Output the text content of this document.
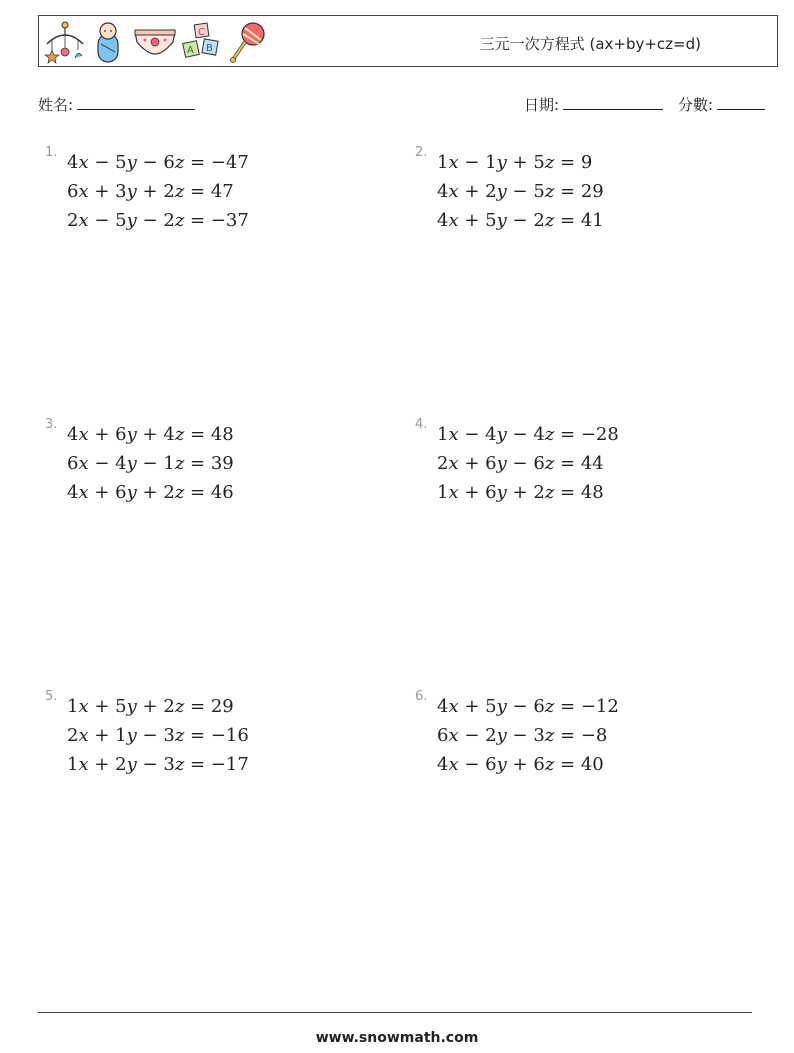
C
A B	三元一次方程式 (ax+by+cz=d)
姓名:	日期:	分數:
1. 4x − 5y − 6z = −47
6x + 3y + 2z = 47
2x − 5y − 2z = −37
2. 1x − 1y + 5z = 9
4x + 2y − 5z = 29
4x + 5y − 2z = 41
3. 4x + 6y + 4z = 48
6x − 4y − 1z = 39
4x + 6y + 2z = 46
4. 1x − 4y − 4z = −28
2x + 6y − 6z = 44
1x + 6y + 2z = 48
5. 1x + 5y + 2z = 29
2x + 1y − 3z = −16
1x + 2y − 3z = −17
6. 4x + 5y − 6z = −12
6x − 2y − 3z = −8
4x − 6y + 6z = 40
www.snowmath.com
